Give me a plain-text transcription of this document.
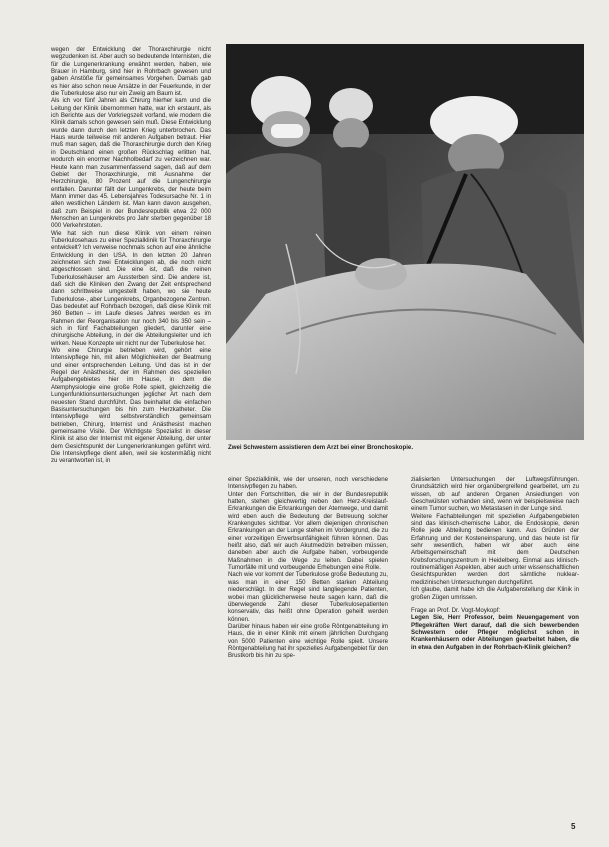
wegen der Entwicklung der Thoraxchirurgie nicht wegzudenken ist. Aber auch so bedeutende Internisten, die für die Lungenerkrankung erwähnt werden, haben, wie Brauer in Hamburg, sind hier in Rohrbach gewesen und gaben Anstöße für gemeinsames Vorgehen. Damals gab es hier also schon neue Ansätze in der Feuerkunde, in der die Tuberkulose also nur ein Zweig am Baum ist.

Als ich vor fünf Jahren als Chirurg hierher kam und die Leitung der Klinik übernommen hatte, war ich erstaunt, als ich Berichte aus der Vorkriegszeit vorfand, wie modern die Klinik damals schon gewesen sein muß. Diese Entwicklung wurde dann durch den letzten Krieg unterbrochen. Das Haus wurde teilweise mit anderen Aufgaben betraut. Hier muß man sagen, daß die Thoraxchirurgie durch den Krieg in Deutschland einen großen Rückschlag erlitten hat, wodurch ein enormer Nachholbedarf zu verzeichnen war. Heute kann man zusammenfassend sagen, daß auf dem Gebiet der Thoraxchirurgie, mit Ausnahme der Herzchirurgie, 80 Prozent auf die Lungenchirurgie entfallen. Darunter fällt der Lungenkrebs, der heute beim Mann immer das 45. Lebensjahres Todesursache Nr. 1 in allen westlichen Ländern ist. Man kann davon ausgehen, daß zum Beispiel in der Bundesrepublik etwa 22 000 Menschen an Lungenkrebs pro Jahr sterben gegenüber 18 000 Verkehrstoten.

Wie hat sich nun diese Klinik von einem reinen Tuberkulosehaus zu einer Spezialklinik für Thoraxchirurgie entwickelt? Ich verweise nochmals schon auf eine ähnliche Entwicklung in den USA. In den letzten 20 Jahren zeichneten sich zwei Entwicklungen ab, die noch nicht abgeschlossen sind. Die eine ist, daß die reinen Tuberkulosehäuser am Aussterben sind. Die andere ist, daß sich die Kliniken den Zwang der Zeit entsprechend dann schrittweise umgestellt haben, wo sie heute Tuberkulose-, aber Lungenkrebs, Organbezogene Zentren. Das bedeutet auf Rohrbach bezogen, daß diese Klinik mit 360 Betten – im Laufe dieses Jahres werden es im Rahmen der Reorganisation nur noch 340 bis 350 sein – sich in fünf Fachabteilungen gliedert, darunter eine chirurgische Abteilung, in der die Abteilungsleiter und ich wirken. Neue Konzepte wir nicht nur der Tuberkulose her.

Wo eine Chirurgie betrieben wird, gehört eine Intensivpflege hin, mit allen Möglichkeiten der Beatmung und einer entsprechenden Leitung. Und das ist in der Regel der Anästhesist, der im Rahmen des speziellen Aufgabengebietes hier im Hause, in dem die Atemphysiologie eine große Rolle spielt, gleichzeitig die Lungenfunktionsuntersuchungen jeglicher Art nach dem neuesten Stand durchführt. Das beinhaltet die einfachen Basisuntersuchungen bis hin zum Herzkatheter. Die Intensivpflege wird selbstverständlich gemeinsam betrieben, Chirurg, Internist und Anästhesist machen gemeinsame Visite. Der Wichtigste Spezialist in dieser Klinik ist also der Internist mit eigener Abteilung, der unter dem Gesichtspunkt der Lungenerkrankungen geführt wird. Die Intensivpflege dient allen, weil sie kostenmäßig nicht zu verantworten ist, in

Zwei Schwestern assistieren dem Arzt bei einer Bronchoskopie.

einer Spezialklinik, wie der unseren, noch verschiedene Intensivpflegen zu haben.

Unter den Fortschritten, die wir in der Bundesrepublik hatten, stehen gleichwertig neben den Herz-Kreislauf-Erkrankungen die Erkrankungen der Atemwege, und damit wird eben auch die Bedeutung der Betreuung solcher Krankengutes sichtbar. Vor allem diejenigen chronischen Erkrankungen an der Lunge stehen im Vordergrund, die zu einer vorzeitigen Erwerbsunfähigkeit führen können. Das heißt also, daß wir auch Akutmedizin betreiben müssen, daneben aber auch die Aufgabe haben, vorbeugende Maßnahmen in die Wege zu leiten. Dabei spielen Tumorfälle mit und vorbeugende Erhebungen eine Rolle.

Nach wie vor kommt der Tuberkulose große Bedeutung zu, was man in einer 150 Betten starken Abteilung niederschlägt. In der Regel sind langliegende Patienten, wobei man glücklicherweise heute sagen kann, daß die überwiegende Zahl dieser Tuberkulosepatienten konservativ, das heißt ohne Operation geheilt werden können.

Darüber hinaus haben wir eine große Röntgenabteilung im Haus, die in einer Klinik mit einem jährlichen Durchgang von 5000 Patienten eine wichtige Rolle spielt. Unsere Röntgenabteilung hat ihr spezielles Aufgabengebiet für den Brustkorb bis hin zu spe-

zialisierten Untersuchungen der Luftwegsführungen. Grundsätzlich wird hier organübergreifend gearbeitet, um zu wissen, ob auf anderen Organen Ansiedlungen von Geschwülsten vorhanden sind, wenn wir beispielsweise nach einem Tumor suchen, wo Metastasen in der Lunge sind.

Weitere Fachabteilungen mit speziellen Aufgabengebieten sind das klinisch-chemische Labor, die Endoskopie, deren Rolle jede Abteilung bedienen kann. Aus Gründen der Erfahrung und der Kosteneinsparung, und das heute ist für sehr wesentlich, haben wir aber auch eine Arbeitsgemeinschaft mit dem Deutschen Krebsforschungszentrum in Heidelberg. Einmal aus klinisch-routinemäßigen Aspekten, aber auch unter wissenschaftlichen Gesichtspunkten werden dort sämtliche nuklear-medizinischen Untersuchungen durchgeführt.

Ich glaube, damit habe ich die Aufgabenstellung der Klinik in großen Zügen umrissen.

Frage an Prof. Dr. Vogt-Moykopf:

Legen Sie, Herr Professor, beim Neuengagement von Pflegekräften Wert darauf, daß die sich bewerbenden Schwestern oder Pfleger möglichst schon in Krankenhäusern oder Abteilungen gearbeitet haben, die in etwa den Aufgaben in der Rohrbach-Klinik gleichen?

5
